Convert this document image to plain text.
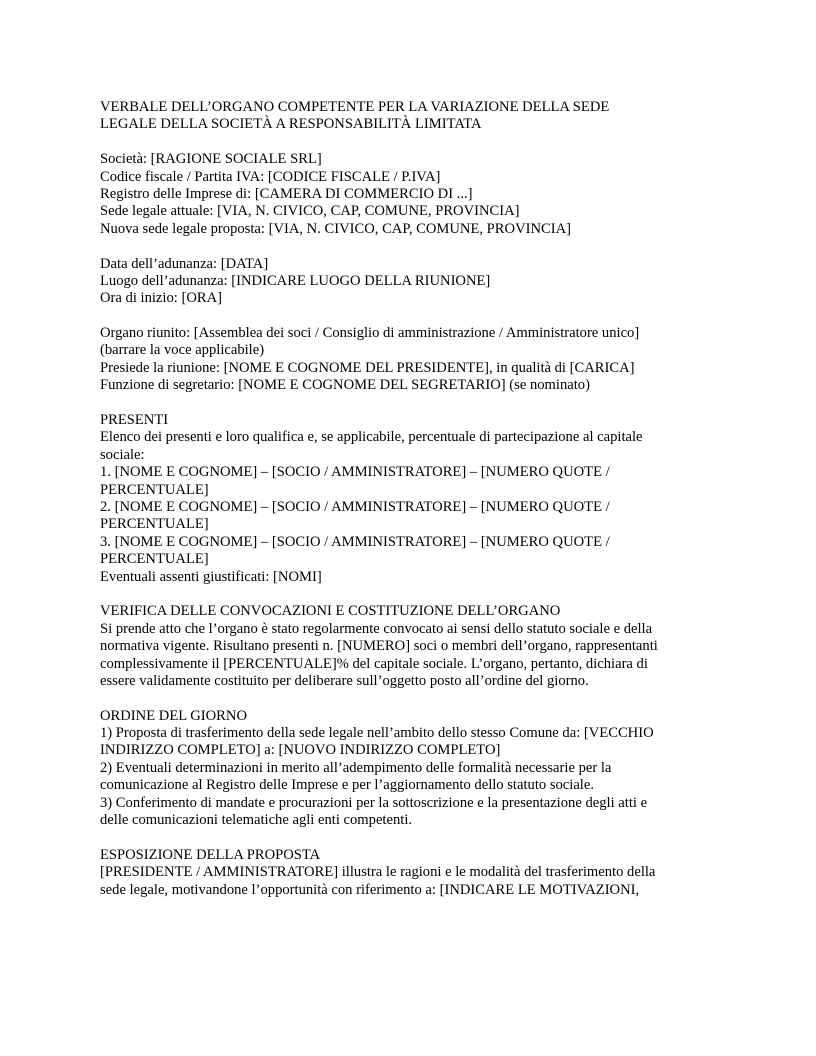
VERBALE DELL’ORGANO COMPETENTE PER LA VARIAZIONE DELLA SEDE
LEGALE DELLA SOCIETÀ A RESPONSABILITÀ LIMITATA
Società: [RAGIONE SOCIALE SRL]
Codice fiscale / Partita IVA: [CODICE FISCALE / P.IVA]
Registro delle Imprese di: [CAMERA DI COMMERCIO DI ...]
Sede legale attuale: [VIA, N. CIVICO, CAP, COMUNE, PROVINCIA]
Nuova sede legale proposta: [VIA, N. CIVICO, CAP, COMUNE, PROVINCIA]
Data dell’adunanza: [DATA]
Luogo dell’adunanza: [INDICARE LUOGO DELLA RIUNIONE]
Ora di inizio: [ORA]
Organo riunito: [Assemblea dei soci / Consiglio di amministrazione / Amministratore unico]
(barrare la voce applicabile)
Presiede la riunione: [NOME E COGNOME DEL PRESIDENTE], in qualità di [CARICA]
Funzione di segretario: [NOME E COGNOME DEL SEGRETARIO] (se nominato)
PRESENTI
Elenco dei presenti e loro qualifica e, se applicabile, percentuale di partecipazione al capitale
sociale:
1. [NOME E COGNOME] – [SOCIO / AMMINISTRATORE] – [NUMERO QUOTE /
PERCENTUALE]
2. [NOME E COGNOME] – [SOCIO / AMMINISTRATORE] – [NUMERO QUOTE /
PERCENTUALE]
3. [NOME E COGNOME] – [SOCIO / AMMINISTRATORE] – [NUMERO QUOTE /
PERCENTUALE]
Eventuali assenti giustificati: [NOMI]
VERIFICA DELLE CONVOCAZIONI E COSTITUZIONE DELL’ORGANO
Si prende atto che l’organo è stato regolarmente convocato ai sensi dello statuto sociale e della
normativa vigente. Risultano presenti n. [NUMERO] soci o membri dell’organo, rappresentanti
complessivamente il [PERCENTUALE]% del capitale sociale. L’organo, pertanto, dichiara di
essere validamente costituito per deliberare sull’oggetto posto all’ordine del giorno.
ORDINE DEL GIORNO
1) Proposta di trasferimento della sede legale nell’ambito dello stesso Comune da: [VECCHIO
INDIRIZZO COMPLETO] a: [NUOVO INDIRIZZO COMPLETO]
2) Eventuali determinazioni in merito all’adempimento delle formalità necessarie per la
comunicazione al Registro delle Imprese e per l’aggiornamento dello statuto sociale.
3) Conferimento di mandate e procurazioni per la sottoscrizione e la presentazione degli atti e
delle comunicazioni telematiche agli enti competenti.
ESPOSIZIONE DELLA PROPOSTA
[PRESIDENTE / AMMINISTRATORE] illustra le ragioni e le modalità del trasferimento della
sede legale, motivandone l’opportunità con riferimento a: [INDICARE LE MOTIVAZIONI,
